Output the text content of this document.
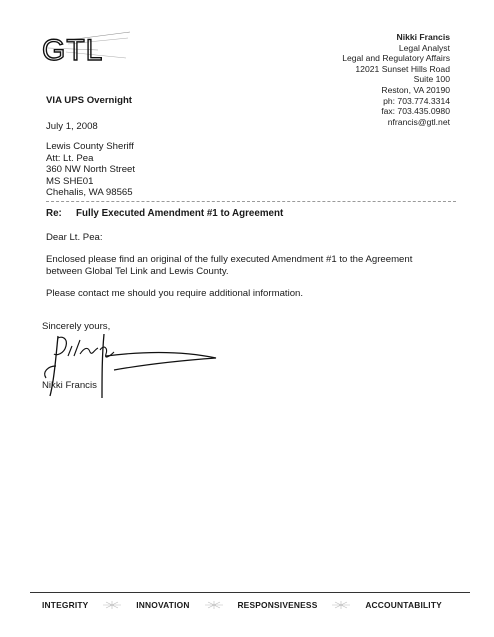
GTL	Nikki Francis
Legal Analyst
Legal and Regulatory Affairs
12021 Sunset Hills Road
Suite 100
Reston, VA 20190
ph: 703.774.3314
fax: 703.435.0980
nfrancis@gtl.net
VIA UPS Overnight
July 1, 2008
Lewis County Sheriff
Att: Lt. Pea
360 NW North Street
MS SHE01
Chehalis, WA 98565
Re: Fully Executed Amendment #1 to Agreement
Dear Lt. Pea:
Enclosed please find an original of the fully executed Amendment #1 to the Agreement
between Global Tel Link and Lewis County.
Please contact me should you require additional information.
Sincerely yours,
Nikki Francis
INTEGRITY	INNOVATION	RESPONSIVENESS	ACCOUNTABILITY
